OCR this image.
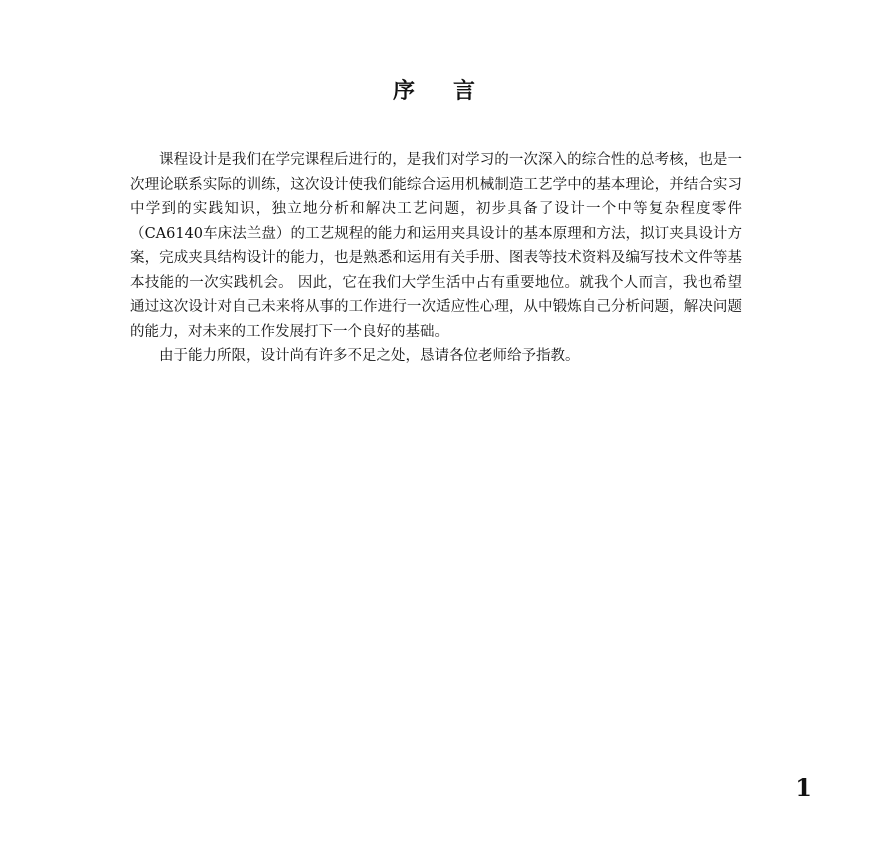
序 言

课程设计是我们在学完课程后进行的，是我们对学习的一次深入的综合性的总考核，也是一次理论联系实际的训练，这次设计使我们能综合运用机械制造工艺学中的基本理论，并结合实习中学到的实践知识，独立地分析和解决工艺问题，初步具备了设计一个中等复杂程度零件（CA6140车床法兰盘）的工艺规程的能力和运用夹具设计的基本原理和方法，拟订夹具设计方案，完成夹具结构设计的能力，也是熟悉和运用有关手册、图表等技术资料及编写技术文件等基本技能的一次实践机会。 因此，它在我们大学生活中占有重要地位。就我个人而言，我也希望通过这次设计对自己未来将从事的工作进行一次适应性心理，从中锻炼自己分析问题，解决问题的能力，对未来的工作发展打下一个良好的基础。

由于能力所限，设计尚有许多不足之处，恳请各位老师给予指教。

1
